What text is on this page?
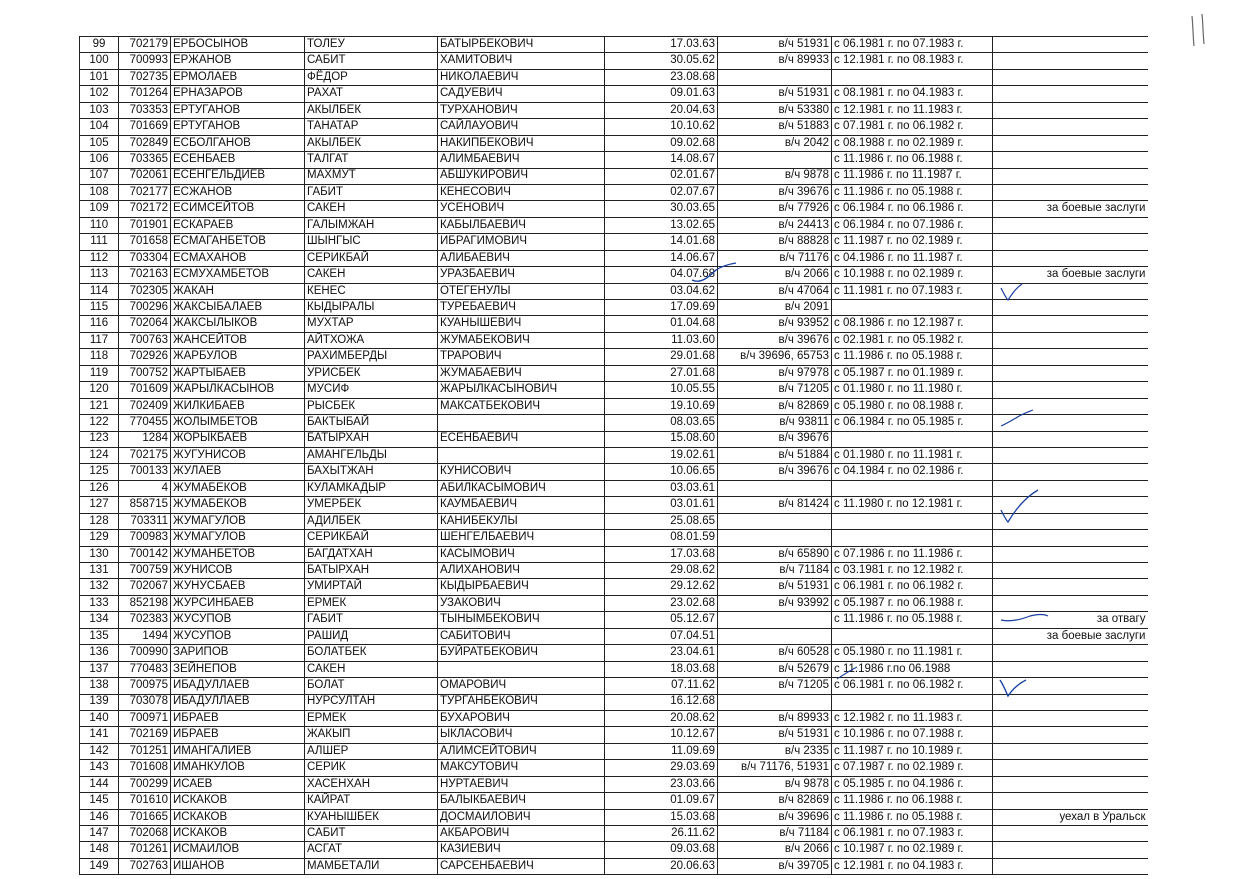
99	702179	ЕРБОСЫНОВ	ТОЛЕУ	БАТЫРБЕКОВИЧ	17.03.63	в/ч 51931	с 06.1981 г. по 07.1983 г.	
100	700993	ЕРЖАНОВ	САБИТ	ХАМИТОВИЧ	30.05.62	в/ч 89933	с 12.1981 г. по 08.1983 г.	
101	702735	ЕРМОЛАЕВ	ФЁДОР	НИКОЛАЕВИЧ	23.08.68			
102	701264	ЕРНАЗАРОВ	РАХАТ	САДУЕВИЧ	09.01.63	в/ч 51931	с 08.1981 г. по 04.1983 г.	
103	703353	ЕРТУГАНОВ	АКЫЛБЕК	ТУРХАНОВИЧ	20.04.63	в/ч 53380	с 12.1981 г. по 11.1983 г.	
104	701669	ЕРТУГАНОВ	ТАНАТАР	САЙЛАУОВИЧ	10.10.62	в/ч 51883	с 07.1981 г. по 06.1982 г.	
105	702849	ЕСБОЛГАНОВ	АКЫЛБЕК	НАКИПБЕКОВИЧ	09.02.68	в/ч 2042	с 08.1988 г. по 02.1989 г.	
106	703365	ЕСЕНБАЕВ	ТАЛГАТ	АЛИМБАЕВИЧ	14.08.67		с 11.1986 г. по 06.1988 г.	
107	702061	ЕСЕНГЕЛЬДИЕВ	МАХМУТ	АБШУКИРОВИЧ	02.01.67	в/ч 9878	с 11.1986 г. по 11.1987 г.	
108	702177	ЕСЖАНОВ	ГАБИТ	КЕНЕСОВИЧ	02.07.67	в/ч 39676	с 11.1986 г. по 05.1988 г.	
109	702172	ЕСИМСЕЙТОВ	САКЕН	УСЕНОВИЧ	30.03.65	в/ч 77926	с 06.1984 г. по 06.1986 г.	за боевые заслуги
110	701901	ЕСКАРАЕВ	ГАЛЫМЖАН	КАБЫЛБАЕВИЧ	13.02.65	в/ч 24413	с 06.1984 г. по 07.1986 г.	
111	701658	ЕСМАГАНБЕТОВ	ШЫНГЫС	ИБРАГИМОВИЧ	14.01.68	в/ч 88828	с 11.1987 г. по 02.1989 г.	
112	703304	ЕСМАХАНОВ	СЕРИКБАЙ	АЛИБАЕВИЧ	14.06.67	в/ч 71176	с 04.1986 г. по 11.1987 г.	
113	702163	ЕСМУХАМБЕТОВ	САКЕН	УРАЗБАЕВИЧ	04.07.68	в/ч 2066	с 10.1988 г. по 02.1989 г.	за боевые заслуги
114	702305	ЖАКАН	КЕНЕС	ОТЕГЕНУЛЫ	03.04.62	в/ч 47064	с 11.1981 г. по 07.1983 г.	
115	700296	ЖАКСЫБАЛАЕВ	КЫДЫРАЛЫ	ТУРЕБАЕВИЧ	17.09.69	в/ч 2091		
116	702064	ЖАКСЫЛЫКОВ	МУХТАР	КУАНЫШЕВИЧ	01.04.68	в/ч 93952	с 08.1986 г. по 12.1987 г.	
117	700763	ЖАНСЕЙТОВ	АЙТХОЖА	ЖУМАБЕКОВИЧ	11.03.60	в/ч 39676	с 02.1981 г. по 05.1982 г.	
118	702926	ЖАРБУЛОВ	РАХИМБЕРДЫ	ТРАРОВИЧ	29.01.68	в/ч 39696, 65753	с 11.1986 г. по 05.1988 г.	
119	700752	ЖАРТЫБАЕВ	УРИСБЕК	ЖУМАБАЕВИЧ	27.01.68	в/ч 97978	с 05.1987 г. по 01.1989 г.	
120	701609	ЖАРЫЛКАСЫНОВ	МУСИФ	ЖАРЫЛКАСЫНОВИЧ	10.05.55	в/ч 71205	с 01.1980 г. по 11.1980 г.	
121	702409	ЖИЛКИБАЕВ	РЫСБЕК	МАКСАТБЕКОВИЧ	19.10.69	в/ч 82869	с 05.1980 г. по 08.1988 г.	
122	770455	ЖОЛЫМБЕТОВ	БАКТЫБАЙ		08.03.65	в/ч 93811	с 06.1984 г. по 05.1985 г.	
123	1284	ЖОРЫКБАЕВ	БАТЫРХАН	ЕСЕНБАЕВИЧ	15.08.60	в/ч 39676		
124	702175	ЖУГУНИСОВ	АМАНГЕЛЬДЫ		19.02.61	в/ч 51884	с 01.1980 г. по 11.1981 г.	
125	700133	ЖУЛАЕВ	БАХЫТЖАН	КУНИСОВИЧ	10.06.65	в/ч 39676	с 04.1984 г. по 02.1986 г.	
126	4	ЖУМАБЕКОВ	КУЛАМКАДЫР	АБИЛКАСЫМОВИЧ	03.03.61			
127	858715	ЖУМАБЕКОВ	УМЕРБЕК	КАУМБАЕВИЧ	03.01.61	в/ч 81424	с 11.1980 г. по 12.1981 г.	
128	703311	ЖУМАГУЛОВ	АДИЛБЕК	КАНИБЕКУЛЫ	25.08.65			
129	700983	ЖУМАГУЛОВ	СЕРИКБАЙ	ШЕНГЕЛБАЕВИЧ	08.01.59			
130	700142	ЖУМАНБЕТОВ	БАГДАТХАН	КАСЫМОВИЧ	17.03.68	в/ч 65890	с 07.1986 г. по 11.1986 г.	
131	700759	ЖУНИСОВ	БАТЫРХАН	АЛИХАНОВИЧ	29.08.62	в/ч 71184	с 03.1981 г. по 12.1982 г.	
132	702067	ЖУНУСБАЕВ	УМИРТАЙ	КЫДЫРБАЕВИЧ	29.12.62	в/ч 51931	с 06.1981 г. по 06.1982 г.	
133	852198	ЖУРСИНБАЕВ	ЕРМЕК	УЗАКОВИЧ	23.02.68	в/ч 93992	с 05.1987 г. по 06.1988 г.	
134	702383	ЖУСУПОВ	ГАБИТ	ТЫНЫМБЕКОВИЧ	05.12.67		с 11.1986 г. по 05.1988 г.	за отвагу
135	1494	ЖУСУПОВ	РАШИД	САБИТОВИЧ	07.04.51			за боевые заслуги
136	700990	ЗАРИПОВ	БОЛАТБЕК	БУЙРАТБЕКОВИЧ	23.04.61	в/ч 60528	с 05.1980 г. по 11.1981 г.	
137	770483	ЗЕЙНЕПОВ	САКЕН		18.03.68	в/ч 52679	с 11.1986 г.по 06.1988	
138	700975	ИБАДУЛЛАЕВ	БОЛАТ	ОМАРОВИЧ	07.11.62	в/ч 71205	с 06.1981 г. по 06.1982 г.	
139	703078	ИБАДУЛЛАЕВ	НУРСУЛТАН	ТУРГАНБЕКОВИЧ	16.12.68			
140	700971	ИБРАЕВ	ЕРМЕК	БУХАРОВИЧ	20.08.62	в/ч 89933	с 12.1982 г. по 11.1983 г.	
141	702169	ИБРАЕВ	ЖАКЫП	ЫКЛАСОВИЧ	10.12.67	в/ч 51931	с 10.1986 г. по 07.1988 г.	
142	701251	ИМАНГАЛИЕВ	АЛШЕР	АЛИМСЕЙТОВИЧ	11.09.69	в/ч 2335	с 11.1987 г. по 10.1989 г.	
143	701608	ИМАНКУЛОВ	СЕРИК	МАКСУТОВИЧ	29.03.69	в/ч 71176, 51931	с 07.1987 г. по 02.1989 г.	
144	700299	ИСАЕВ	ХАСЕНХАН	НУРТАЕВИЧ	23.03.66	в/ч 9878	с 05.1985 г. по 04.1986 г.	
145	701610	ИСКАКОВ	КАЙРАТ	БАЛЫКБАЕВИЧ	01.09.67	в/ч 82869	с 11.1986 г. по 06.1988 г.	
146	701665	ИСКАКОВ	КУАНЫШБЕК	ДОСМАИЛОВИЧ	15.03.68	в/ч 39696	с 11.1986 г. по 05.1988 г.	уехал в Уральск
147	702068	ИСКАКОВ	САБИТ	АКБАРОВИЧ	26.11.62	в/ч 71184	с 06.1981 г. по 07.1983 г.	
148	701261	ИСМАИЛОВ	АСГАТ	КАЗИЕВИЧ	09.03.68	в/ч 2066	с 10.1987 г. по 02.1989 г.	
149	702763	ИШАНОВ	МАМБЕТАЛИ	САРСЕНБАЕВИЧ	20.06.63	в/ч 39705	с 12.1981 г. по 04.1983 г.	
